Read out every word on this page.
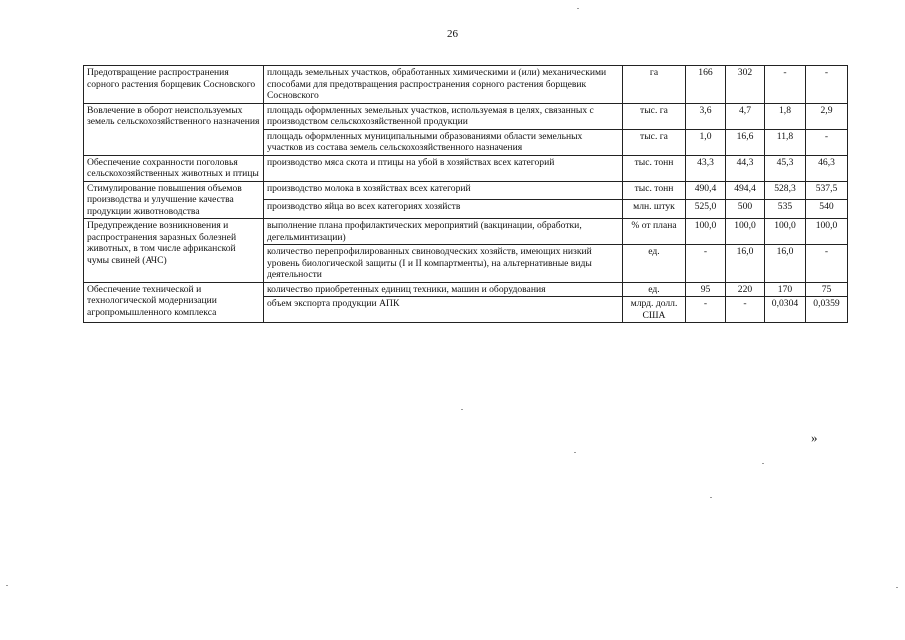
26
Предотвращение распространения сорного растения борщевик Сосновского	площадь земельных участков, обработанных химическими и (или) механическими способами для предотвращения распространения сорного растения борщевик Сосновского	га	166	302	-	-
Вовлечение в оборот неиспользуемых земель сельскохозяйственного назначения	площадь оформленных земельных участков, используемая в целях, связанных с производством сельскохозяйственной продукции	тыс. га	3,6	4,7	1,8	2,9
	площадь оформленных муниципальными образованиями области земельных участков из состава земель сельскохозяйственного назначения	тыс. га	1,0	16,6	11,8	-
Обеспечение сохранности поголовья сельскохозяйственных животных и птицы	производство мяса скота и птицы на убой в хозяйствах всех категорий	тыс. тонн	43,3	44,3	45,3	46,3
Стимулирование повышения объемов производства и улучшение качества продукции животноводства	производство молока в хозяйствах всех категорий	тыс. тонн	490,4	494,4	528,3	537,5
	производство яйца во всех категориях хозяйств	млн. штук	525,0	500	535	540
Предупреждение возникновения и распространения заразных болезней животных, в том числе африканской чумы свиней (АЧС)	выполнение плана профилактических мероприятий (вакцинации, обработки, дегельминтизации)	% от плана	100,0	100,0	100,0	100,0
	количество перепрофилированных свиноводческих хозяйств, имеющих низкий уровень биологической защиты (I и II компартменты), на альтернативные виды деятельности	ед.	-	16,0	16,0	-
Обеспечение технической и технологической модернизации агропромышленного комплекса	количество приобретенных единиц техники, машин и оборудования	ед.	95	220	170	75
	объем экспорта продукции АПК	млрд. долл. США	-	-	0,0304	0,0359
»
